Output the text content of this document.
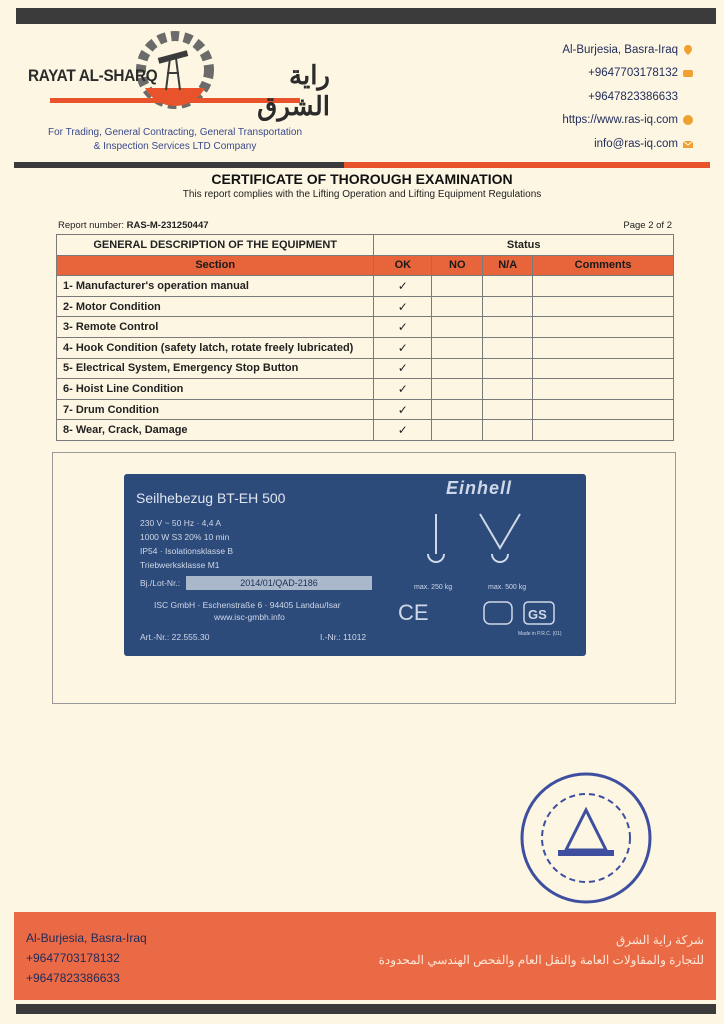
RAYAT AL-SHARQ	راية الشرق
For Trading, General Contracting, General Transportation
& Inspection Services LTD Company
Al-Burjesia, Basra-Iraq
+9647703178132
+9647823386633
https://www.ras-iq.com
info@ras-iq.com
CERTIFICATE OF THOROUGH EXAMINATION
This report complies with the Lifting Operation and Lifting Equipment Regulations
Report number: RAS-M-231250447	Page 2 of 2
GENERAL DESCRIPTION OF THE EQUIPMENT	Status			
Section	OK	NO	N/A	Comments
1- Manufacturer's operation manual	✓			
2- Motor Condition	✓			
3- Remote Control	✓			
4- Hook Condition (safety latch, rotate freely lubricated)	✓			
5- Electrical System, Emergency Stop Button	✓			
6- Hoist Line Condition	✓			
7- Drum Condition	✓			
8- Wear, Crack, Damage	✓			
Seilhebezug BT-EH 500	Einhell
230 V ~ 50 Hz · 4,4 A
1000 W S3 20% 10 min
IP54 · Isolationsklasse B
Triebwerksklasse M1
Bj./Lot-Nr.:	2014/01/QAD-2186
ISC GmbH · Eschenstraße 6 · 94405 Landau/Isar
www.isc-gmbh.info
Art.-Nr.: 22.555.30	I.-Nr.: 11012
max. 250 kg	max. 500 kg
Made in P.R.C. (01)
CE	GS
Al-Burjesia, Basra-Iraq
+9647703178132
+9647823386633
شركة راية الشرق
للتجارة والمقاولات العامة والنقل العام والفحص الهندسي المحدودة
